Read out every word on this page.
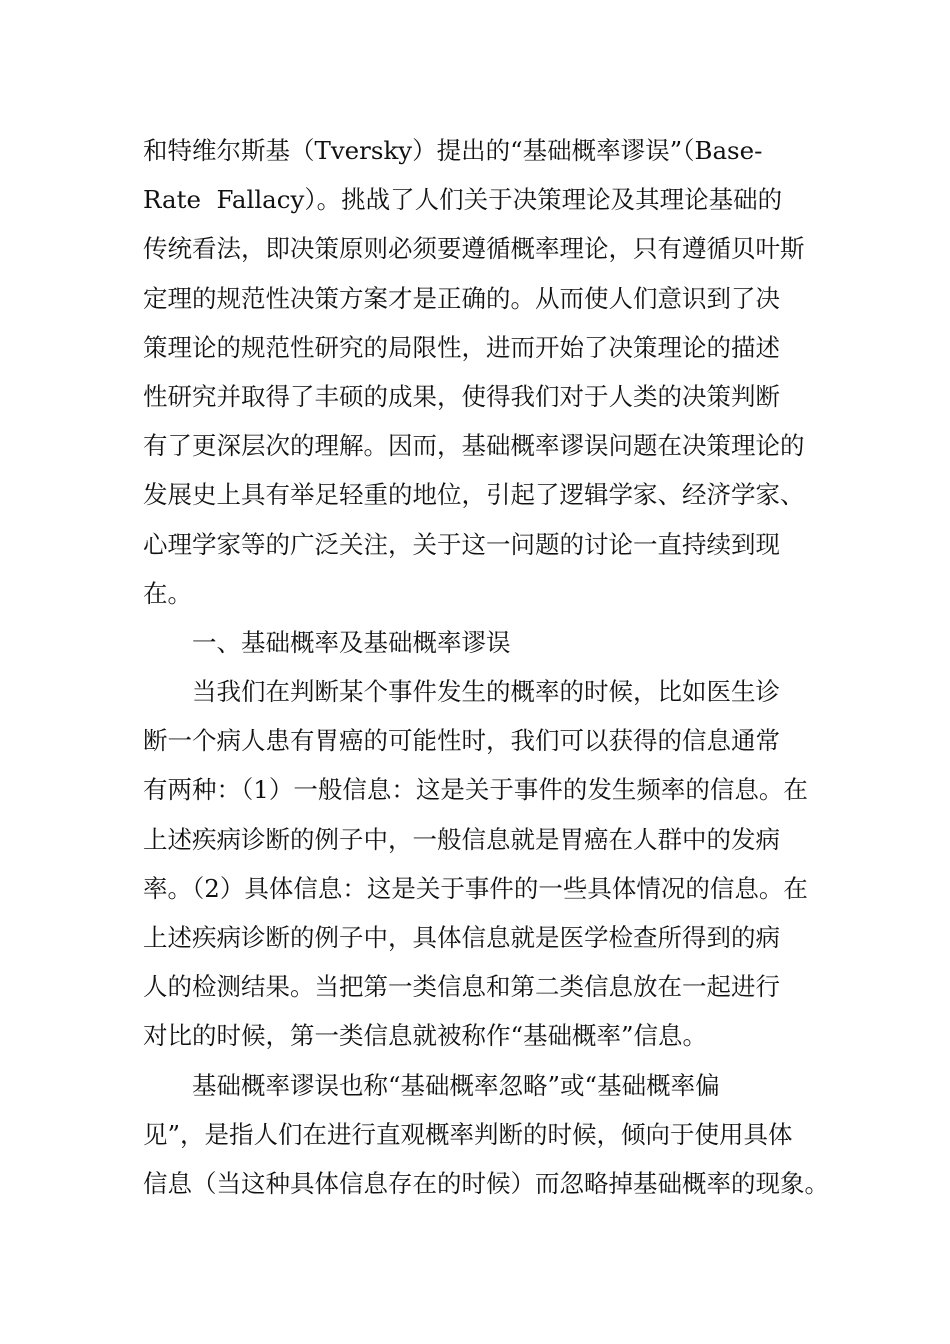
和特维尔斯基（Tversky）提出的“基础概率谬误”（Base-
Rate  Fallacy）。挑战了人们关于决策理论及其理论基础的
传统看法，即决策原则必须要遵循概率理论，只有遵循贝叶斯
定理的规范性决策方案才是正确的。从而使人们意识到了决
策理论的规范性研究的局限性，进而开始了决策理论的描述
性研究并取得了丰硕的成果，使得我们对于人类的决策判断
有了更深层次的理解。因而，基础概率谬误问题在决策理论的
发展史上具有举足轻重的地位，引起了逻辑学家、经济学家、
心理学家等的广泛关注，关于这一问题的讨论一直持续到现
在。
一、基础概率及基础概率谬误
当我们在判断某个事件发生的概率的时候，比如医生诊
断一个病人患有胃癌的可能性时，我们可以获得的信息通常
有两种：（1）一般信息：这是关于事件的发生频率的信息。在
上述疾病诊断的例子中，一般信息就是胃癌在人群中的发病
率。（2）具体信息：这是关于事件的一些具体情况的信息。在
上述疾病诊断的例子中，具体信息就是医学检查所得到的病
人的检测结果。当把第一类信息和第二类信息放在一起进行
对比的时候，第一类信息就被称作“基础概率”信息。
基础概率谬误也称“基础概率忽略”或“基础概率偏
见”，是指人们在进行直观概率判断的时候，倾向于使用具体
信息（当这种具体信息存在的时候）而忽略掉基础概率的现象。
